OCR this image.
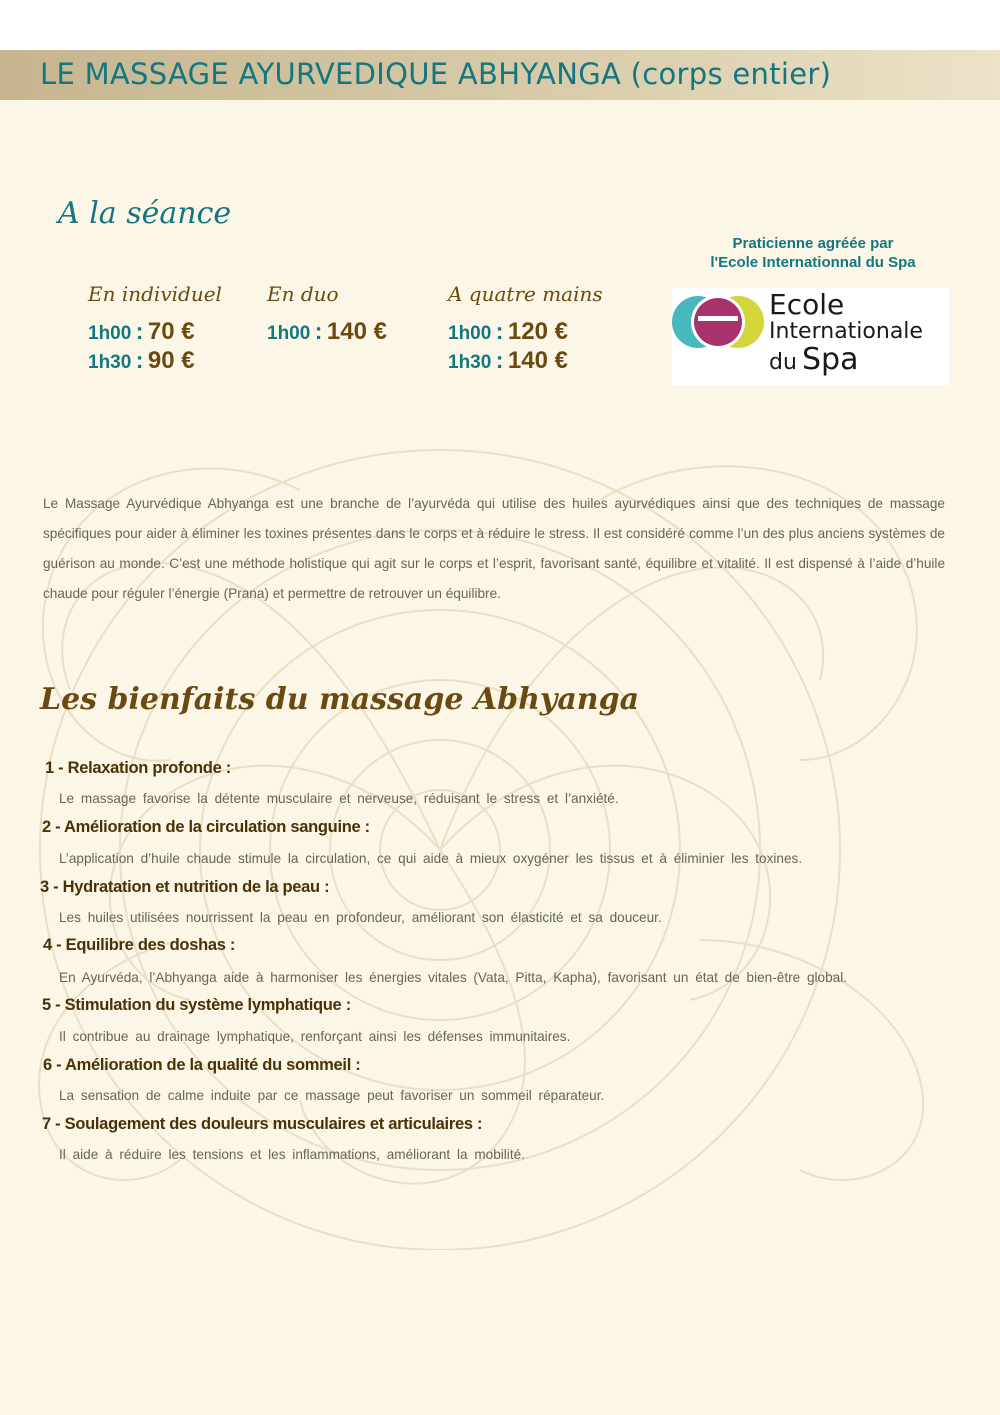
LE MASSAGE AYURVEDIQUE ABHYANGA (corps entier)
A la séance
En individuel
1h00 : 70 €
1h30 : 90 €
En duo
1h00 : 140 €
A quatre mains
1h00 : 120 €
1h30 : 140 €
Praticienne agréée par
l'Ecole Internationnal du Spa
Ecole
Internationale
du Spa
Le Massage Ayurvédique Abhyanga est une branche de l’ayurvéda qui utilise des huiles ayurvédiques ainsi que des techniques de massage spécifiques pour aider à éliminer les toxines présentes dans le corps et à réduire le stress. Il est considéré comme l’un des plus anciens systèmes de guérison au monde. C’est une méthode holistique qui agit sur le corps et l’esprit, favorisant santé, équilibre et vitalité. Il est dispensé à l’aide d’huile chaude pour réguler l’énergie (Prana) et permettre de retrouver un équilibre.
Les bienfaits du massage Abhyanga
1 - Relaxation profonde :
Le massage favorise la détente musculaire et nerveuse, réduisant le stress et l’anxiété.
2 - Amélioration de la circulation sanguine :
L’application d’huile chaude stimule la circulation, ce qui aide à mieux oxygéner les tissus et à éliminier les toxines.
3 - Hydratation et nutrition de la peau :
Les huiles utilisées nourrissent la peau en profondeur, améliorant son élasticité et sa douceur.
4 - Equilibre des doshas :
En Ayurvéda, l’Abhyanga aide à harmoniser les énergies vitales (Vata, Pitta, Kapha), favorisant un état de bien-être global.
5 - Stimulation du système lymphatique :
Il contribue au drainage lymphatique, renforçant ainsi les défenses immunitaires.
6 - Amélioration de la qualité du sommeil :
La sensation de calme induite par ce massage peut favoriser un sommeil réparateur.
7 - Soulagement des douleurs musculaires et articulaires :
Il aide à réduire les tensions et les inflammations, améliorant la mobilité.
